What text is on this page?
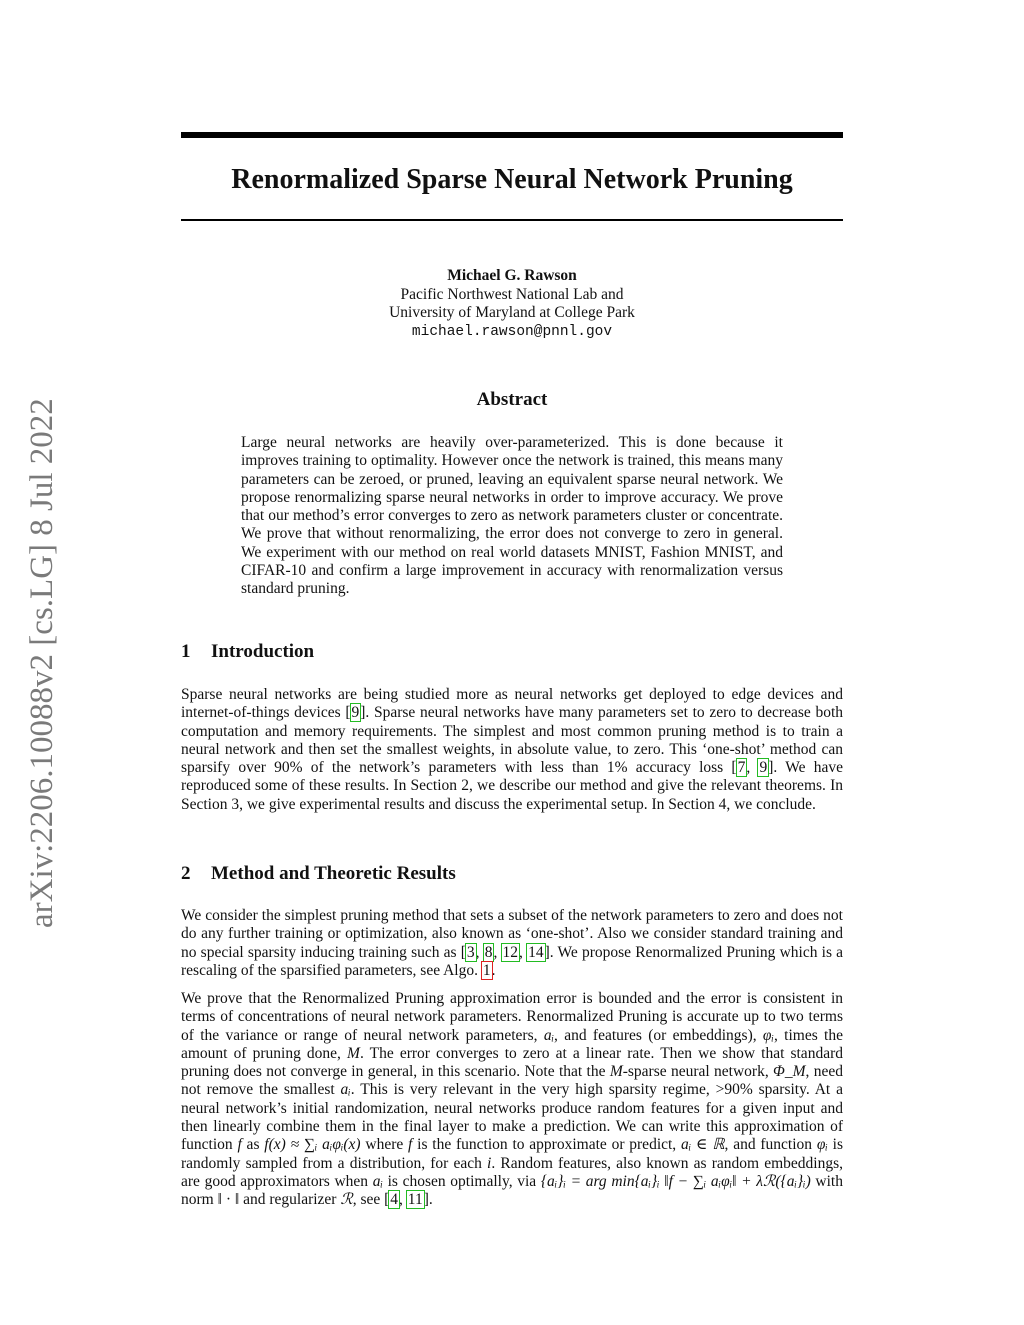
arXiv:2206.10088v2 [cs.LG] 8 Jul 2022
Renormalized Sparse Neural Network Pruning
Michael G. Rawson
Pacific Northwest National Lab and
University of Maryland at College Park
michael.rawson@pnnl.gov
Abstract

Large neural networks are heavily over-parameterized. This is done because it improves training to optimality. However once the network is trained, this means many parameters can be zeroed, or pruned, leaving an equivalent sparse neural network. We propose renormalizing sparse neural networks in order to improve accuracy. We prove that our method’s error converges to zero as network parameters cluster or concentrate. We prove that without renormalizing, the error does not converge to zero in general. We experiment with our method on real world datasets MNIST, Fashion MNIST, and CIFAR-10 and confirm a large improvement in accuracy with renormalization versus standard pruning.

1 Introduction

Sparse neural networks are being studied more as neural networks get deployed to edge devices and internet-of-things devices [9]. Sparse neural networks have many parameters set to zero to decrease both computation and memory requirements. The simplest and most common pruning method is to train a neural network and then set the smallest weights, in absolute value, to zero. This ‘one-shot’ method can sparsify over 90% of the network’s parameters with less than 1% accuracy loss [7, 9]. We have reproduced some of these results. In Section 2, we describe our method and give the relevant theorems. In Section 3, we give experimental results and discuss the experimental setup. In Section 4, we conclude.

2 Method and Theoretic Results

We consider the simplest pruning method that sets a subset of the network parameters to zero and does not do any further training or optimization, also known as ‘one-shot’. Also we consider standard training and no special sparsity inducing training such as [3, 8, 12, 14]. We propose Renormalized Pruning which is a rescaling of the sparsified parameters, see Algo. 1.

We prove that the Renormalized Pruning approximation error is bounded and the error is consistent in terms of concentrations of neural network parameters. Renormalized Pruning is accurate up to two terms of the variance or range of neural network parameters, aᵢ, and features (or embeddings), φᵢ, times the amount of pruning done, M. The error converges to zero at a linear rate. Then we show that standard pruning does not converge in general, in this scenario. Note that the M-sparse neural network, Φ_M, need not remove the smallest aᵢ. This is very relevant in the very high sparsity regime, >90% sparsity. At a neural network’s initial randomization, neural networks produce random features for a given input and then linearly combine them in the final layer to make a prediction. We can write this approximation of function f as f(x) ≈ ∑ᵢ aᵢφᵢ(x) where f is the function to approximate or predict, aᵢ ∈ ℝ, and function φᵢ is randomly sampled from a distribution, for each i. Random features, also known as random embeddings, are good approximators when aᵢ is chosen optimally, via {aᵢ}ᵢ = arg min{aᵢ}ᵢ ‖f − ∑ᵢ aᵢφᵢ‖ + λℛ({aᵢ}ᵢ) with norm ‖ · ‖ and regularizer ℛ, see [4, 11].
